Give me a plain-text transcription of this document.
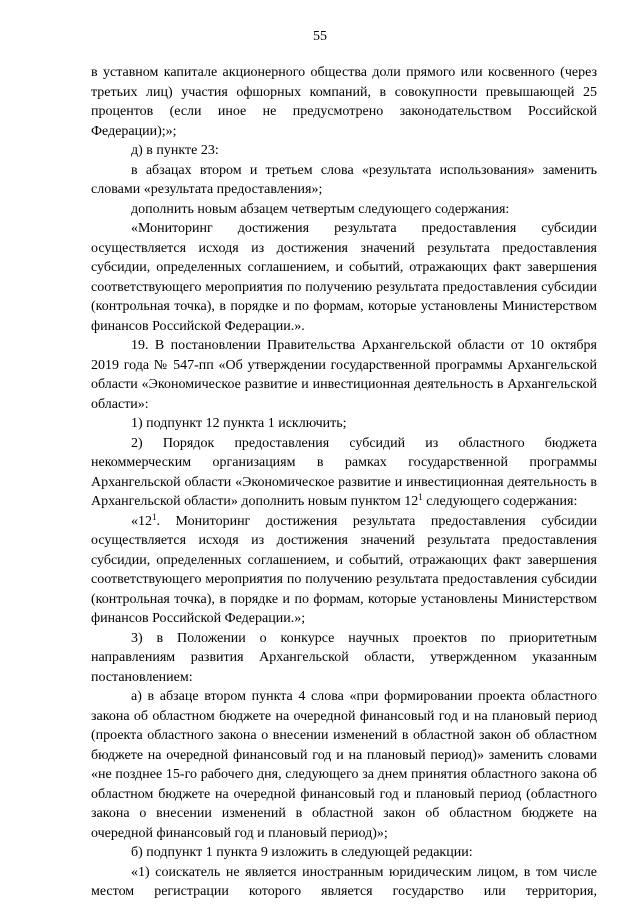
55

в уставном капитале акционерного общества доли прямого или косвенного (через третьих лиц) участия офшорных компаний, в совокупности превышающей 25 процентов (если иное не предусмотрено законодательством Российской Федерации);»;

д) в пункте 23:

в абзацах втором и третьем слова «результата использования» заменить словами «результата предоставления»;

дополнить новым абзацем четвертым следующего содержания:

«Мониторинг достижения результата предоставления субсидии осуществляется исходя из достижения значений результата предоставления субсидии, определенных соглашением, и событий, отражающих факт завершения соответствующего мероприятия по получению результата предоставления субсидии (контрольная точка), в порядке и по формам, которые установлены Министерством финансов Российской Федерации.».

19. В постановлении Правительства Архангельской области от 10 октября 2019 года № 547-пп «Об утверждении государственной программы Архангельской области «Экономическое развитие и инвестиционная деятельность в Архангельской области»:

1) подпункт 12 пункта 1 исключить;

2) Порядок предоставления субсидий из областного бюджета некоммерческим организациям в рамках государственной программы Архангельской области «Экономическое развитие и инвестиционная деятельность в Архангельской области» дополнить новым пунктом $12^1$ следующего содержания:

«$12^1$. Мониторинг достижения результата предоставления субсидии осуществляется исходя из достижения значений результата предоставления субсидии, определенных соглашением, и событий, отражающих факт завершения соответствующего мероприятия по получению результата предоставления субсидии (контрольная точка), в порядке и по формам, которые установлены Министерством финансов Российской Федерации.»;

3) в Положении о конкурсе научных проектов по приоритетным направлениям развития Архангельской области, утвержденном указанным постановлением:

а) в абзаце втором пункта 4 слова «при формировании проекта областного закона об областном бюджете на очередной финансовый год и на плановый период (проекта областного закона о внесении изменений в областной закон об областном бюджете на очередной финансовый год и на плановый период)» заменить словами «не позднее 15-го рабочего дня, следующего за днем принятия областного закона об областном бюджете на очередной финансовый год и плановый период (областного закона о внесении изменений в областной закон об областном бюджете на очередной финансовый год и плановый период)»;

б) подпункт 1 пункта 9 изложить в следующей редакции:

«1) соискатель не является иностранным юридическим лицом, в том числе местом регистрации которого является государство или территория,
